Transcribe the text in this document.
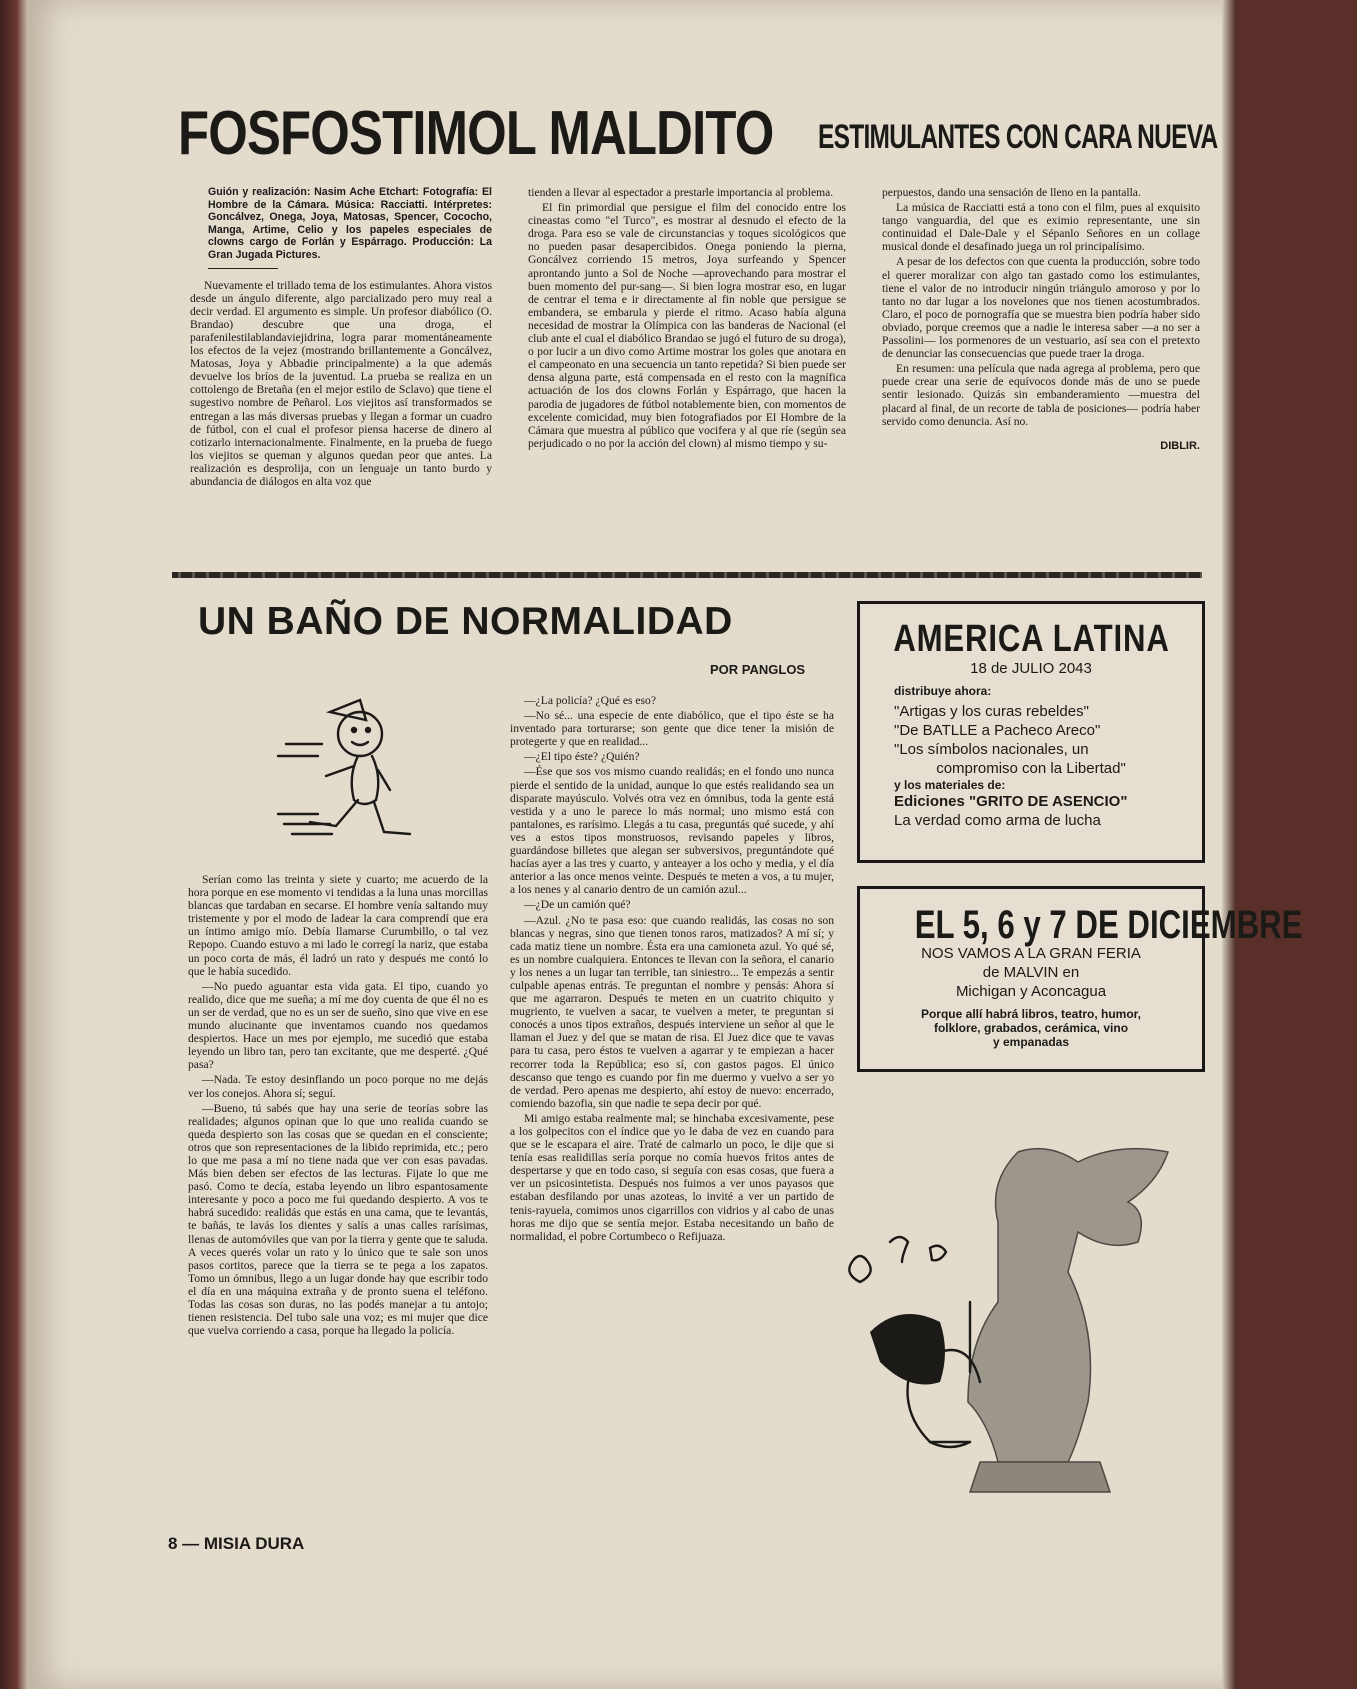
FOSFOSTIMOL MALDITO ESTIMULANTES CON CARA NUEVA

Guión y realización: Nasim Ache Etchart: Fotografía: El Hombre de la Cámara. Música: Racciatti. Intérpretes: Goncálvez, Onega, Joya, Matosas, Spencer, Cococho, Manga, Artime, Celio y los papeles especiales de clowns cargo de Forlán y Espárrago. Producción: La Gran Jugada Pictures.

Nuevamente el trillado tema de los estimulantes. Ahora vistos desde un ángulo diferente, algo parcializado pero muy real a decir verdad. El argumento es simple. Un profesor diabólico (O. Brandao) descubre que una droga, el parafenilestilablandaviejidrina, logra parar momentáneamente los efectos de la vejez (mostrando brillantemente a Goncálvez, Matosas, Joya y Abbadie principalmente) a la que además devuelve los bríos de la juventud. La prueba se realiza en un cottolengo de Bretaña (en el mejor estilo de Sclavo) que tiene el sugestivo nombre de Peñarol. Los viejitos así transformados se entregan a las más diversas pruebas y llegan a formar un cuadro de fútbol, con el cual el profesor piensa hacerse de dinero al cotizarlo internacionalmente. Finalmente, en la prueba de fuego los viejitos se queman y algunos quedan peor que antes. La realización es desprolija, con un lenguaje un tanto burdo y abundancia de diálogos en alta voz que

tienden a llevar al espectador a prestarle importancia al problema.

El fin primordial que persigue el film del conocido entre los cineastas como "el Turco", es mostrar al desnudo el efecto de la droga. Para eso se vale de circunstancias y toques sicológicos que no pueden pasar desapercibidos. Onega poniendo la pierna, Goncálvez corriendo 15 metros, Joya surfeando y Spencer aprontando junto a Sol de Noche —aprovechando para mostrar el buen momento del pur-sang—. Si bien logra mostrar eso, en lugar de centrar el tema e ir directamente al fin noble que persigue se embandera, se embarula y pierde el ritmo. Acaso había alguna necesidad de mostrar la Olímpica con las banderas de Nacional (el club ante el cual el diabólico Brandao se jugó el futuro de su droga), o por lucir a un divo como Artime mostrar los goles que anotara en el campeonato en una secuencia un tanto repetida? Si bien puede ser densa alguna parte, está compensada en el resto con la magnífica actuación de los dos clowns Forlán y Espárrago, que hacen la parodia de jugadores de fútbol notablemente bien, con momentos de excelente comicidad, muy bien fotografiados por El Hombre de la Cámara que muestra al público que vocifera y al que ríe (según sea perjudicado o no por la acción del clown) al mismo tiempo y su-

perpuestos, dando una sensación de lleno en la pantalla.

La música de Racciatti está a tono con el film, pues al exquisito tango vanguardia, del que es eximio representante, une sin continuidad el Dale-Dale y el Sépanlo Señores en un collage musical donde el desafinado juega un rol principalísimo.

A pesar de los defectos con que cuenta la producción, sobre todo el querer moralizar con algo tan gastado como los estimulantes, tiene el valor de no introducir ningún triángulo amoroso y por lo tanto no dar lugar a los novelones que nos tienen acostumbrados. Claro, el poco de pornografía que se muestra bien podría haber sido obviado, porque creemos que a nadie le interesa saber —a no ser a Passolini— los pormenores de un vestuario, así sea con el pretexto de denunciar las consecuencias que puede traer la droga.

En resumen: una película que nada agrega al problema, pero que puede crear una serie de equívocos donde más de uno se puede sentir lesionado. Quizás sin embanderamiento —muestra del placard al final, de un recorte de tabla de posiciones— podría haber servido como denuncia. Así no.

DIBLIR.
UN BAÑO DE NORMALIDAD
POR PANGLOS

Serían como las treinta y siete y cuarto; me acuerdo de la hora porque en ese momento vi tendidas a la luna unas morcillas blancas que tardaban en secarse. El hombre venía saltando muy tristemente y por el modo de ladear la cara comprendí que era un íntimo amigo mío. Debía llamarse Curumbillo, o tal vez Repopo. Cuando estuvo a mi lado le corregí la nariz, que estaba un poco corta de más, él ladró un rato y después me contó lo que le había sucedido.

—No puedo aguantar esta vida gata. El tipo, cuando yo realido, dice que me sueña; a mí me doy cuenta de que él no es un ser de verdad, que no es un ser de sueño, sino que vive en ese mundo alucinante que inventamos cuando nos quedamos despiertos. Hace un mes por ejemplo, me sucedió que estaba leyendo un libro tan, pero tan excitante, que me desperté. ¿Qué pasa?

—Nada. Te estoy desinflando un poco porque no me dejás ver los conejos. Ahora sí; seguí.

—Bueno, tú sabés que hay una serie de teorías sobre las realidades; algunos opinan que lo que uno realida cuando se queda despierto son las cosas que se quedan en el consciente; otros que son representaciones de la libido reprimida, etc.; pero lo que me pasa a mí no tiene nada que ver con esas pavadas. Más bien deben ser efectos de las lecturas. Fijate lo que me pasó. Como te decía, estaba leyendo un libro espantosamente interesante y poco a poco me fui quedando despierto. A vos te habrá sucedido: realidás que estás en una cama, que te levantás, te bañás, te lavás los dientes y salís a unas calles rarísimas, llenas de automóviles que van por la tierra y gente que te saluda. A veces querés volar un rato y lo único que te sale son unos pasos cortitos, parece que la tierra se te pega a los zapatos. Tomo un ómnibus, llego a un lugar donde hay que escribir todo el día en una máquina extraña y de pronto suena el teléfono. Todas las cosas son duras, no las podés manejar a tu antojo; tienen resistencia. Del tubo sale una voz; es mi mujer que dice que vuelva corriendo a casa, porque ha llegado la policía.

—¿La policía? ¿Qué es eso?

—No sé... una especie de ente diabólico, que el tipo éste se ha inventado para torturarse; son gente que dice tener la misión de protegerte y que en realidad...

—¿El tipo éste? ¿Quién?

—Ése que sos vos mismo cuando realidás; en el fondo uno nunca pierde el sentido de la unidad, aunque lo que estés realidando sea un disparate mayúsculo. Volvés otra vez en ómnibus, toda la gente está vestida y a uno le parece lo más normal; uno mismo está con pantalones, es rarísimo. Llegás a tu casa, preguntás qué sucede, y ahí ves a estos tipos monstruosos, revisando papeles y libros, guardándose billetes que alegan ser subversivos, preguntándote qué hacías ayer a las tres y cuarto, y anteayer a los ocho y media, y el día anterior a las once menos veinte. Después te meten a vos, a tu mujer, a los nenes y al canario dentro de un camión azul...

—¿De un camión qué?

—Azul. ¿No te pasa eso: que cuando realidás, las cosas no son blancas y negras, sino que tienen tonos raros, matizados? A mí sí; y cada matiz tiene un nombre. Ésta era una camioneta azul. Yo qué sé, es un nombre cualquiera. Entonces te llevan con la señora, el canario y los nenes a un lugar tan terrible, tan siniestro... Te empezás a sentir culpable apenas entrás. Te preguntan el nombre y pensás: Ahora sí que me agarraron. Después te meten en un cuatrito chiquito y mugriento, te vuelven a sacar, te vuelven a meter, te preguntan si conocés a unos tipos extraños, después interviene un señor al que le llaman el Juez y del que se matan de risa. El Juez dice que te vavas para tu casa, pero éstos te vuelven a agarrar y te empiezan a hacer recorrer toda la República; eso sí, con gastos pagos. El único descanso que tengo es cuando por fin me duermo y vuelvo a ser yo de verdad. Pero apenas me despierto, ahí estoy de nuevo: encerrado, comiendo bazofia, sin que nadie te sepa decir por qué.

Mi amigo estaba realmente mal; se hinchaba excesivamente, pese a los golpecitos con el índice que yo le daba de vez en cuando para que se le escapara el aire. Traté de calmarlo un poco, le dije que si tenía esas realidillas sería porque no comía huevos fritos antes de despertarse y que en todo caso, si seguía con esas cosas, que fuera a ver un psicosintetista. Después nos fuimos a ver unos payasos que estaban desfilando por unas azoteas, lo invité a ver un partido de tenis-rayuela, comimos unos cigarrillos con vidrios y al cabo de unas horas me dijo que se sentía mejor. Estaba necesitando un baño de normalidad, el pobre Cortumbeco o Refijuaza.

AMERICA LATINA
18 de JULIO 2043
distribuye ahora:
"Artigas y los curas rebeldes"
"De BATLLE a Pacheco Areco"
"Los símbolos nacionales, un
compromiso con la Libertad"
y los materiales de:
Ediciones "GRITO DE ASENCIO"
La verdad como arma de lucha
EL 5, 6 y 7 DE DICIEMBRE
NOS VAMOS A LA GRAN FERIA
de MALVIN en
Michigan y Aconcagua
Porque allí habrá libros, teatro, humor,
folklore, grabados, cerámica, vino
y empanadas
8 — MISIA DURA
